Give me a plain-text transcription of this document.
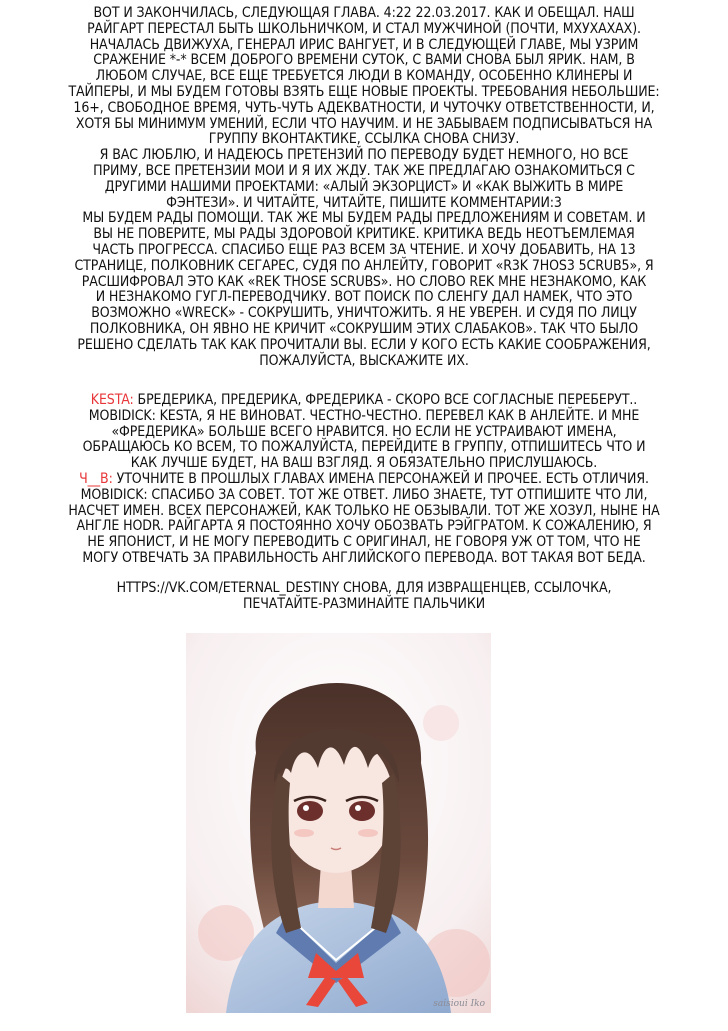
ВОТ И ЗАКОНЧИЛАСЬ, СЛЕДУЮЩАЯ ГЛАВА. 4:22 22.03.2017. КАК И ОБЕЩАЛ. НАШ
РАЙГАРТ ПЕРЕСТАЛ БЫТЬ ШКОЛЬНИЧКОМ, И СТАЛ МУЖЧИНОЙ (ПОЧТИ, МХУХАХАХ).
НАЧАЛАСЬ ДВИЖУХА, ГЕНЕРАЛ ИРИС ВАНГУЕТ, И В СЛЕДУЮЩЕЙ ГЛАВЕ, МЫ УЗРИМ
СРАЖЕНИЕ *-* ВСЕМ ДОБРОГО ВРЕМЕНИ СУТОК, С ВАМИ СНОВА БЫЛ ЯРИК. НАМ, В
ЛЮБОМ СЛУЧАЕ, ВСЕ ЕЩЕ ТРЕБУЕТСЯ ЛЮДИ В КОМАНДУ, ОСОБЕННО КЛИНЕРЫ И
ТАЙПЕРЫ, И МЫ БУДЕМ ГОТОВЫ ВЗЯТЬ ЕЩЕ НОВЫЕ ПРОЕКТЫ. ТРЕБОВАНИЯ НЕБОЛЬШИЕ:
16+, СВОБОДНОЕ ВРЕМЯ, ЧУТЬ-ЧУТЬ АДЕКВАТНОСТИ, И ЧУТОЧКУ ОТВЕТСТВЕННОСТИ, И,
ХОТЯ БЫ МИНИМУМ УМЕНИЙ, ЕСЛИ ЧТО НАУЧИМ. И НЕ ЗАБЫВАЕМ ПОДПИСЫВАТЬСЯ НА
ГРУППУ ВКОНТАКТИКЕ, ССЫЛКА СНОВА СНИЗУ.
Я ВАС ЛЮБЛЮ, И НАДЕЮСЬ ПРЕТЕНЗИЙ ПО ПЕРЕВОДУ БУДЕТ НЕМНОГО, НО ВСЕ
ПРИМУ, ВСЕ ПРЕТЕНЗИИ МОИ И Я ИХ ЖДУ. ТАК ЖЕ ПРЕДЛАГАЮ ОЗНАКОМИТЬСЯ С
ДРУГИМИ НАШИМИ ПРОЕКТАМИ: «АЛЫЙ ЭКЗОРЦИСТ» И «КАК ВЫЖИТЬ В МИРЕ
ФЭНТЕЗИ». И ЧИТАЙТЕ, ЧИТАЙТЕ, ПИШИТЕ КОММЕНТАРИИ:3
МЫ БУДЕМ РАДЫ ПОМОЩИ. ТАК ЖЕ МЫ БУДЕМ РАДЫ ПРЕДЛОЖЕНИЯМ И СОВЕТАМ. И
ВЫ НЕ ПОВЕРИТЕ, МЫ РАДЫ ЗДОРОВОЙ КРИТИКЕ. КРИТИКА ВЕДЬ НЕОТЪЕМЛЕМАЯ
ЧАСТЬ ПРОГРЕССА. СПАСИБО ЕЩЕ РАЗ ВСЕМ ЗА ЧТЕНИЕ. И ХОЧУ ДОБАВИТЬ, НА 13
СТРАНИЦЕ, ПОЛКОВНИК СЕГАРЕС, СУДЯ ПО АНЛЕЙТУ, ГОВОРИТ «R3K 7HOS3 5CRUB5», Я
РАСШИФРОВАЛ ЭТО КАК «REK THOSE SCRUBS». НО СЛОВО REK МНЕ НЕЗНАКОМО, КАК
И НЕЗНАКОМО ГУГЛ-ПЕРЕВОДЧИКУ. ВОТ ПОИСК ПО СЛЕНГУ ДАЛ НАМЕК, ЧТО ЭТО
ВОЗМОЖНО «WRECK» - СОКРУШИТЬ, УНИЧТОЖИТЬ. Я НЕ УВЕРЕН. И СУДЯ ПО ЛИЦУ
ПОЛКОВНИКА, ОН ЯВНО НЕ КРИЧИТ «СОКРУШИМ ЭТИХ СЛАБАКОВ». ТАК ЧТО БЫЛО
РЕШЕНО СДЕЛАТЬ ТАК КАК ПРОЧИТАЛИ ВЫ. ЕСЛИ У КОГО ЕСТЬ КАКИЕ СООБРАЖЕНИЯ,
ПОЖАЛУЙСТА, ВЫСКАЖИТЕ ИХ.
KESTA: БРЕДЕРИКА, ПРЕДЕРИКА, ФРЕДЕРИКА - СКОРО ВСЕ СОГЛАСНЫЕ ПЕРЕБЕРУТ..
MOBIDICK: KESTA, Я НЕ ВИНОВАТ. ЧЕСТНО-ЧЕСТНО. ПЕРЕВЕЛ КАК В АНЛЕЙТЕ. И МНЕ
«ФРЕДЕРИКА» БОЛЬШЕ ВСЕГО НРАВИТСЯ. НО ЕСЛИ НЕ УСТРАИВАЮТ ИМЕНА,
ОБРАЩАЮСЬ КО ВСЕМ, ТО ПОЖАЛУЙСТА, ПЕРЕЙДИТЕ В ГРУППУ, ОТПИШИТЕСЬ ЧТО И
КАК ЛУЧШЕ БУДЕТ, НА ВАШ ВЗГЛЯД. Я ОБЯЗАТЕЛЬНО ПРИСЛУШАЮСЬ.
Ч__В: УТОЧНИТЕ В ПРОШЛЫХ ГЛАВАХ ИМЕНА ПЕРСОНАЖЕЙ И ПРОЧЕЕ. ЕСТЬ ОТЛИЧИЯ.
MOBIDICK: СПАСИБО ЗА СОВЕТ. ТОТ ЖЕ ОТВЕТ. ЛИБО ЗНАЕТЕ, ТУТ ОТПИШИТЕ ЧТО ЛИ,
НАСЧЕТ ИМЕН. ВСЕХ ПЕРСОНАЖЕЙ, КАК ТОЛЬКО НЕ ОБЗЫВАЛИ. ТОТ ЖЕ ХОЗУЛ, НЫНЕ НА
АНГЛЕ HODR. РАЙГАРТА Я ПОСТОЯННО ХОЧУ ОБОЗВАТЬ РЭЙГРАТОМ. К СОЖАЛЕНИЮ, Я
НЕ ЯПОНИСТ, И НЕ МОГУ ПЕРЕВОДИТЬ С ОРИГИНАЛ, НЕ ГОВОРЯ УЖ ОТ ТОМ, ЧТО НЕ
МОГУ ОТВЕЧАТЬ ЗА ПРАВИЛЬНОСТЬ АНГЛИЙСКОГО ПЕРЕВОДА. ВОТ ТАКАЯ ВОТ БЕДА.
HTTPS://VK.COM/ETERNAL_DESTINY СНОВА, ДЛЯ ИЗВРАЩЕНЦЕВ, ССЫЛОЧКА,
ПЕЧАТАЙТЕ-РАЗМИНАЙТЕ ПАЛЬЧИКИ
saisioui Iko
